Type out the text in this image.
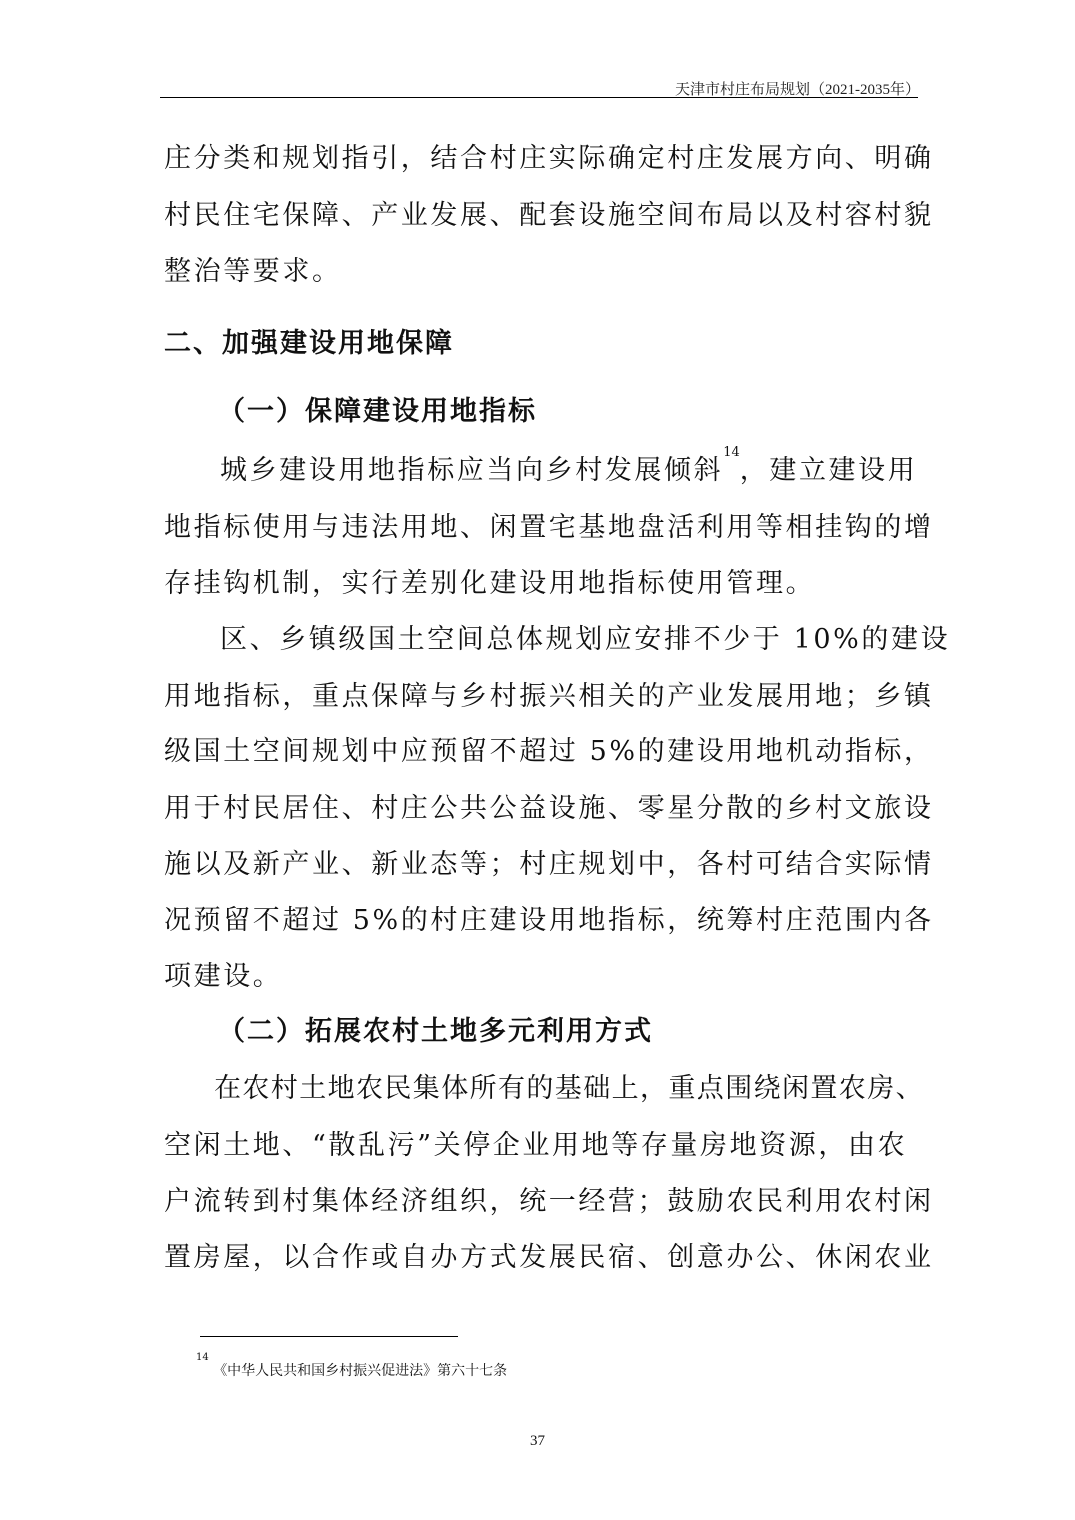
天津市村庄布局规划（2021-2035年）
庄分类和规划指引，结合村庄实际确定村庄发展方向、明确
村民住宅保障、产业发展、配套设施空间布局以及村容村貌
整治等要求。
二、加强建设用地保障
（一）保障建设用地指标
城乡建设用地指标应当向乡村发展倾斜$^{14}$，建立建设用
地指标使用与违法用地、闲置宅基地盘活利用等相挂钩的增
存挂钩机制，实行差别化建设用地指标使用管理。
区、乡镇级国土空间总体规划应安排不少于 10%的建设
用地指标，重点保障与乡村振兴相关的产业发展用地；乡镇
级国土空间规划中应预留不超过 5%的建设用地机动指标，
用于村民居住、村庄公共公益设施、零星分散的乡村文旅设
施以及新产业、新业态等；村庄规划中，各村可结合实际情
况预留不超过 5%的村庄建设用地指标，统筹村庄范围内各
项建设。
（二）拓展农村土地多元利用方式
在农村土地农民集体所有的基础上，重点围绕闲置农房、
空闲土地、“散乱污”关停企业用地等存量房地资源，由农
户流转到村集体经济组织，统一经营；鼓励农民利用农村闲
置房屋，以合作或自办方式发展民宿、创意办公、休闲农业
$^{14}$ 《中华人民共和国乡村振兴促进法》第六十七条
37
